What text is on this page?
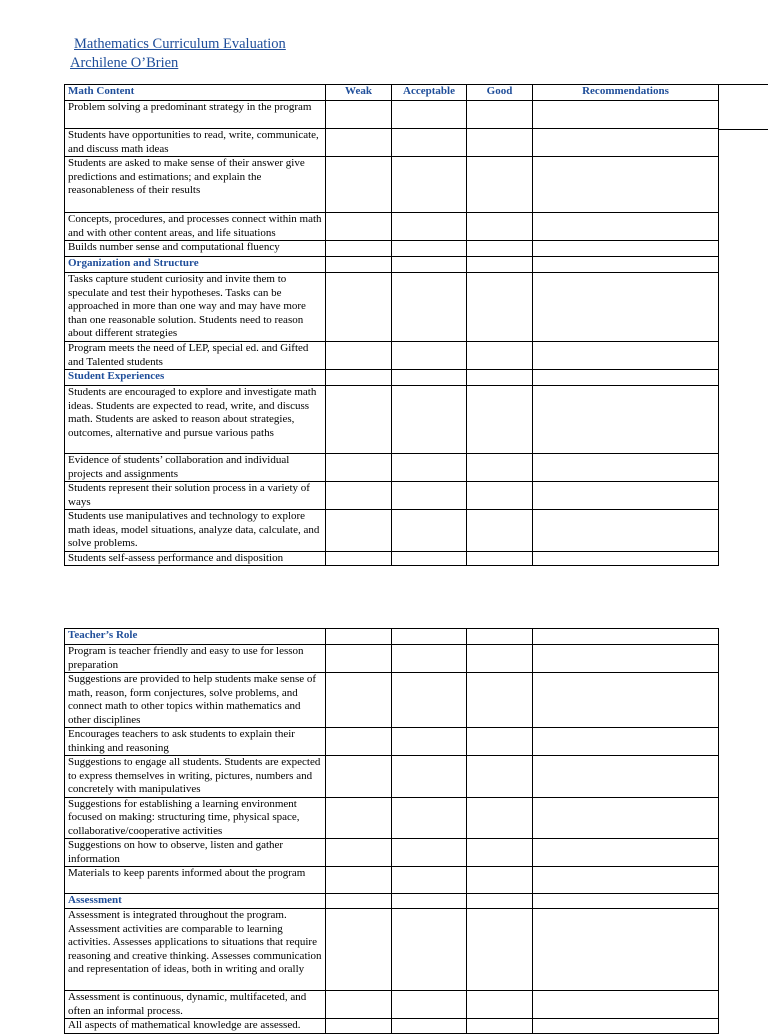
Mathematics Curriculum Evaluation
Archilene O’Brien
Math Content	Weak	Acceptable	Good	Recommendations
Problem solving a predominant strategy in the program				
Students have opportunities to read, write, communicate, and discuss math ideas				
Students are asked to make sense of their answer give predictions and estimations; and explain the reasonableness of their results				
Concepts, procedures, and processes connect within math and with other content areas, and life situations				
Builds number sense and computational fluency				
Organization and Structure				
Tasks capture student curiosity and invite them to speculate and test their hypotheses. Tasks can be approached in more than one way and may have more than one reasonable solution. Students need to reason about different strategies				
Program meets the need of LEP, special ed. and Gifted and Talented students				
Student Experiences				
Students are encouraged to explore and investigate math ideas. Students are expected to read, write, and discuss math. Students are asked to reason about strategies, outcomes, alternative and pursue various paths				
Evidence of students’ collaboration and individual projects and assignments				
Students represent their solution process in a variety of ways				
Students use manipulatives and technology to explore math ideas, model situations, analyze data, calculate, and solve problems.				
Students self-assess performance and disposition				
Teacher’s Role				
Program is teacher friendly and easy to use for lesson preparation				
Suggestions are provided to help students make sense of math, reason, form conjectures, solve problems, and connect math to other topics within mathematics and other disciplines				
Encourages teachers to ask students to explain their thinking and reasoning				
Suggestions to engage all students. Students are expected to express themselves in writing, pictures, numbers and concretely with manipulatives				
Suggestions for establishing a learning environment focused on making: structuring time, physical space, collaborative/cooperative activities				
Suggestions on how to observe, listen and gather information				
Materials to keep parents informed about the program				
Assessment				
Assessment is integrated throughout the program. Assessment activities are comparable to learning activities. Assesses applications to situations that require reasoning and creative thinking. Assesses communication and representation of ideas, both in writing and orally				
Assessment is continuous, dynamic, multifaceted, and often an informal process.				
All aspects of mathematical knowledge are assessed.				
